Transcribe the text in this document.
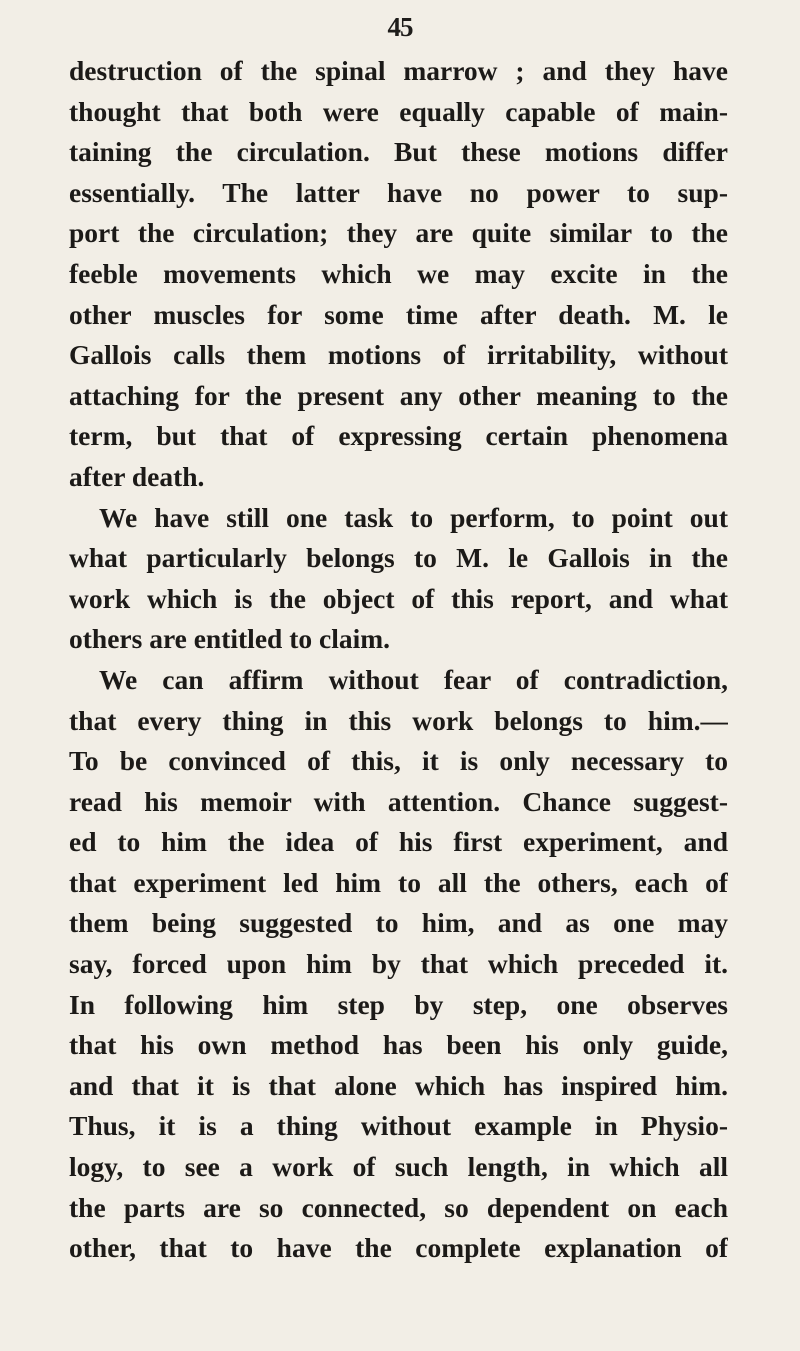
45
destruction of the spinal marrow ; and they have
thought that both were equally capable of main-
taining the circulation. But these motions differ
essentially. The latter have no power to sup-
port the circulation; they are quite similar to the
feeble movements which we may excite in the
other muscles for some time after death. M. le
Gallois calls them motions of irritability, without
attaching for the present any other meaning to the
term, but that of expressing certain phenomena
after death.
We have still one task to perform, to point out
what particularly belongs to M. le Gallois in the
work which is the object of this report, and what
others are entitled to claim.
We can affirm without fear of contradiction,
that every thing in this work belongs to him.—
To be convinced of this, it is only necessary to
read his memoir with attention. Chance suggest-
ed to him the idea of his first experiment, and
that experiment led him to all the others, each of
them being suggested to him, and as one may
say, forced upon him by that which preceded it.
In following him step by step, one observes
that his own method has been his only guide,
and that it is that alone which has inspired him.
Thus, it is a thing without example in Physio-
logy, to see a work of such length, in which all
the parts are so connected, so dependent on each
other, that to have the complete explanation of
